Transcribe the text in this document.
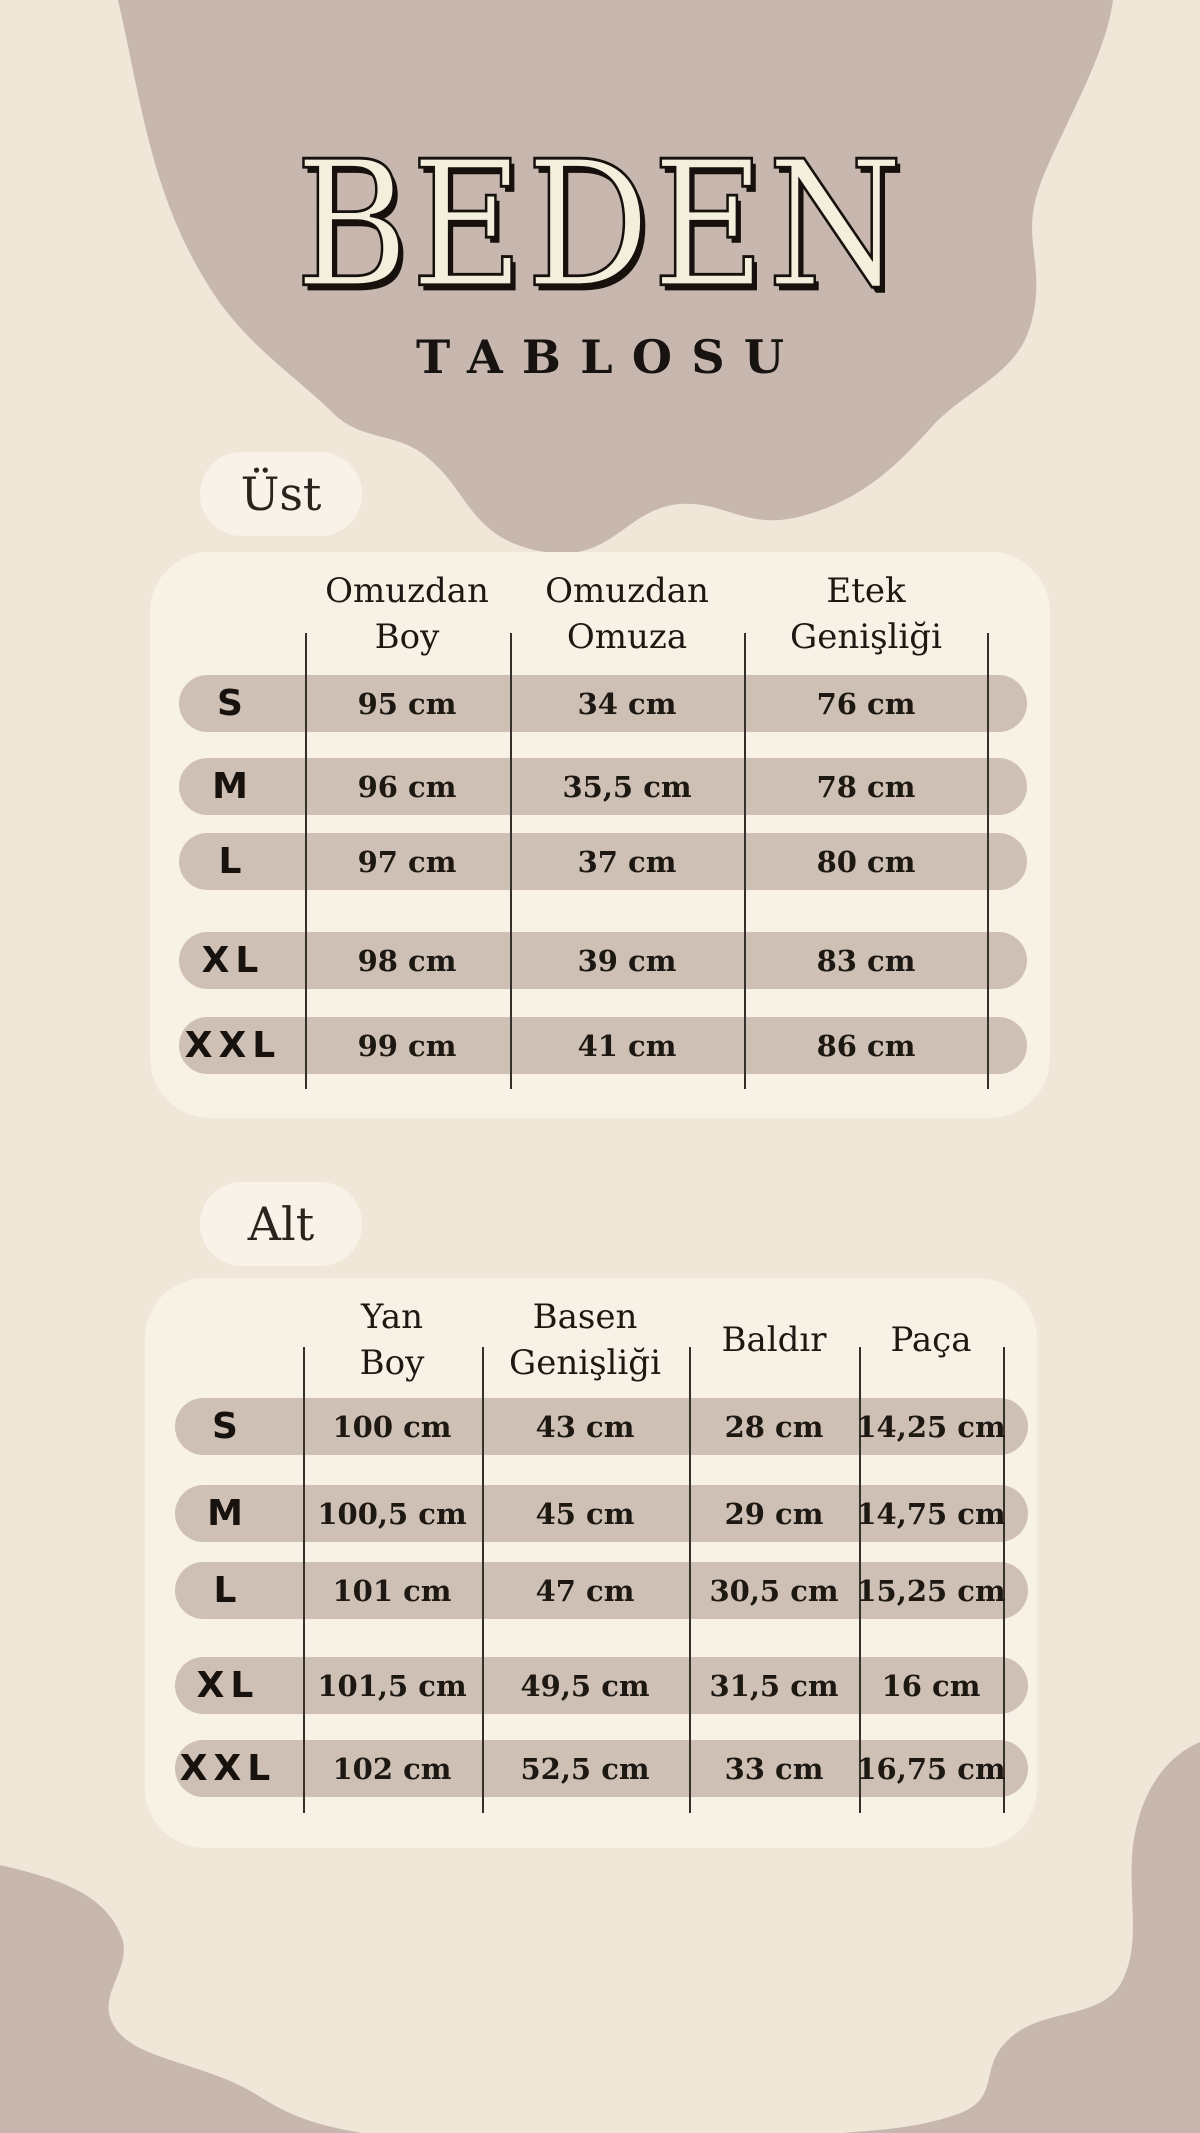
BEDEN
TABLOSU
Üst
Omuzdan
Boy
Omuzdan
Omuza
Etek
Genişliği
S	95 cm	34 cm	76 cm
M	96 cm	35,5 cm	78 cm
L	97 cm	37 cm	80 cm
XL	98 cm	39 cm	83 cm
XXL	99 cm	41 cm	86 cm
Alt
Yan
Boy
Basen
Genişliği
Baldır Paça
S	100 cm	43 cm	28 cm 14,25 cm
M 100,5 cm 45 cm	29 cm 14,75 cm
L	101 cm	47 cm	30,5 cm 15,25 cm
XL 101,5 cm 49,5 cm 31,5 cm 16 cm
XXL 102 cm 52,5 cm	33 cm 16,75 cm
